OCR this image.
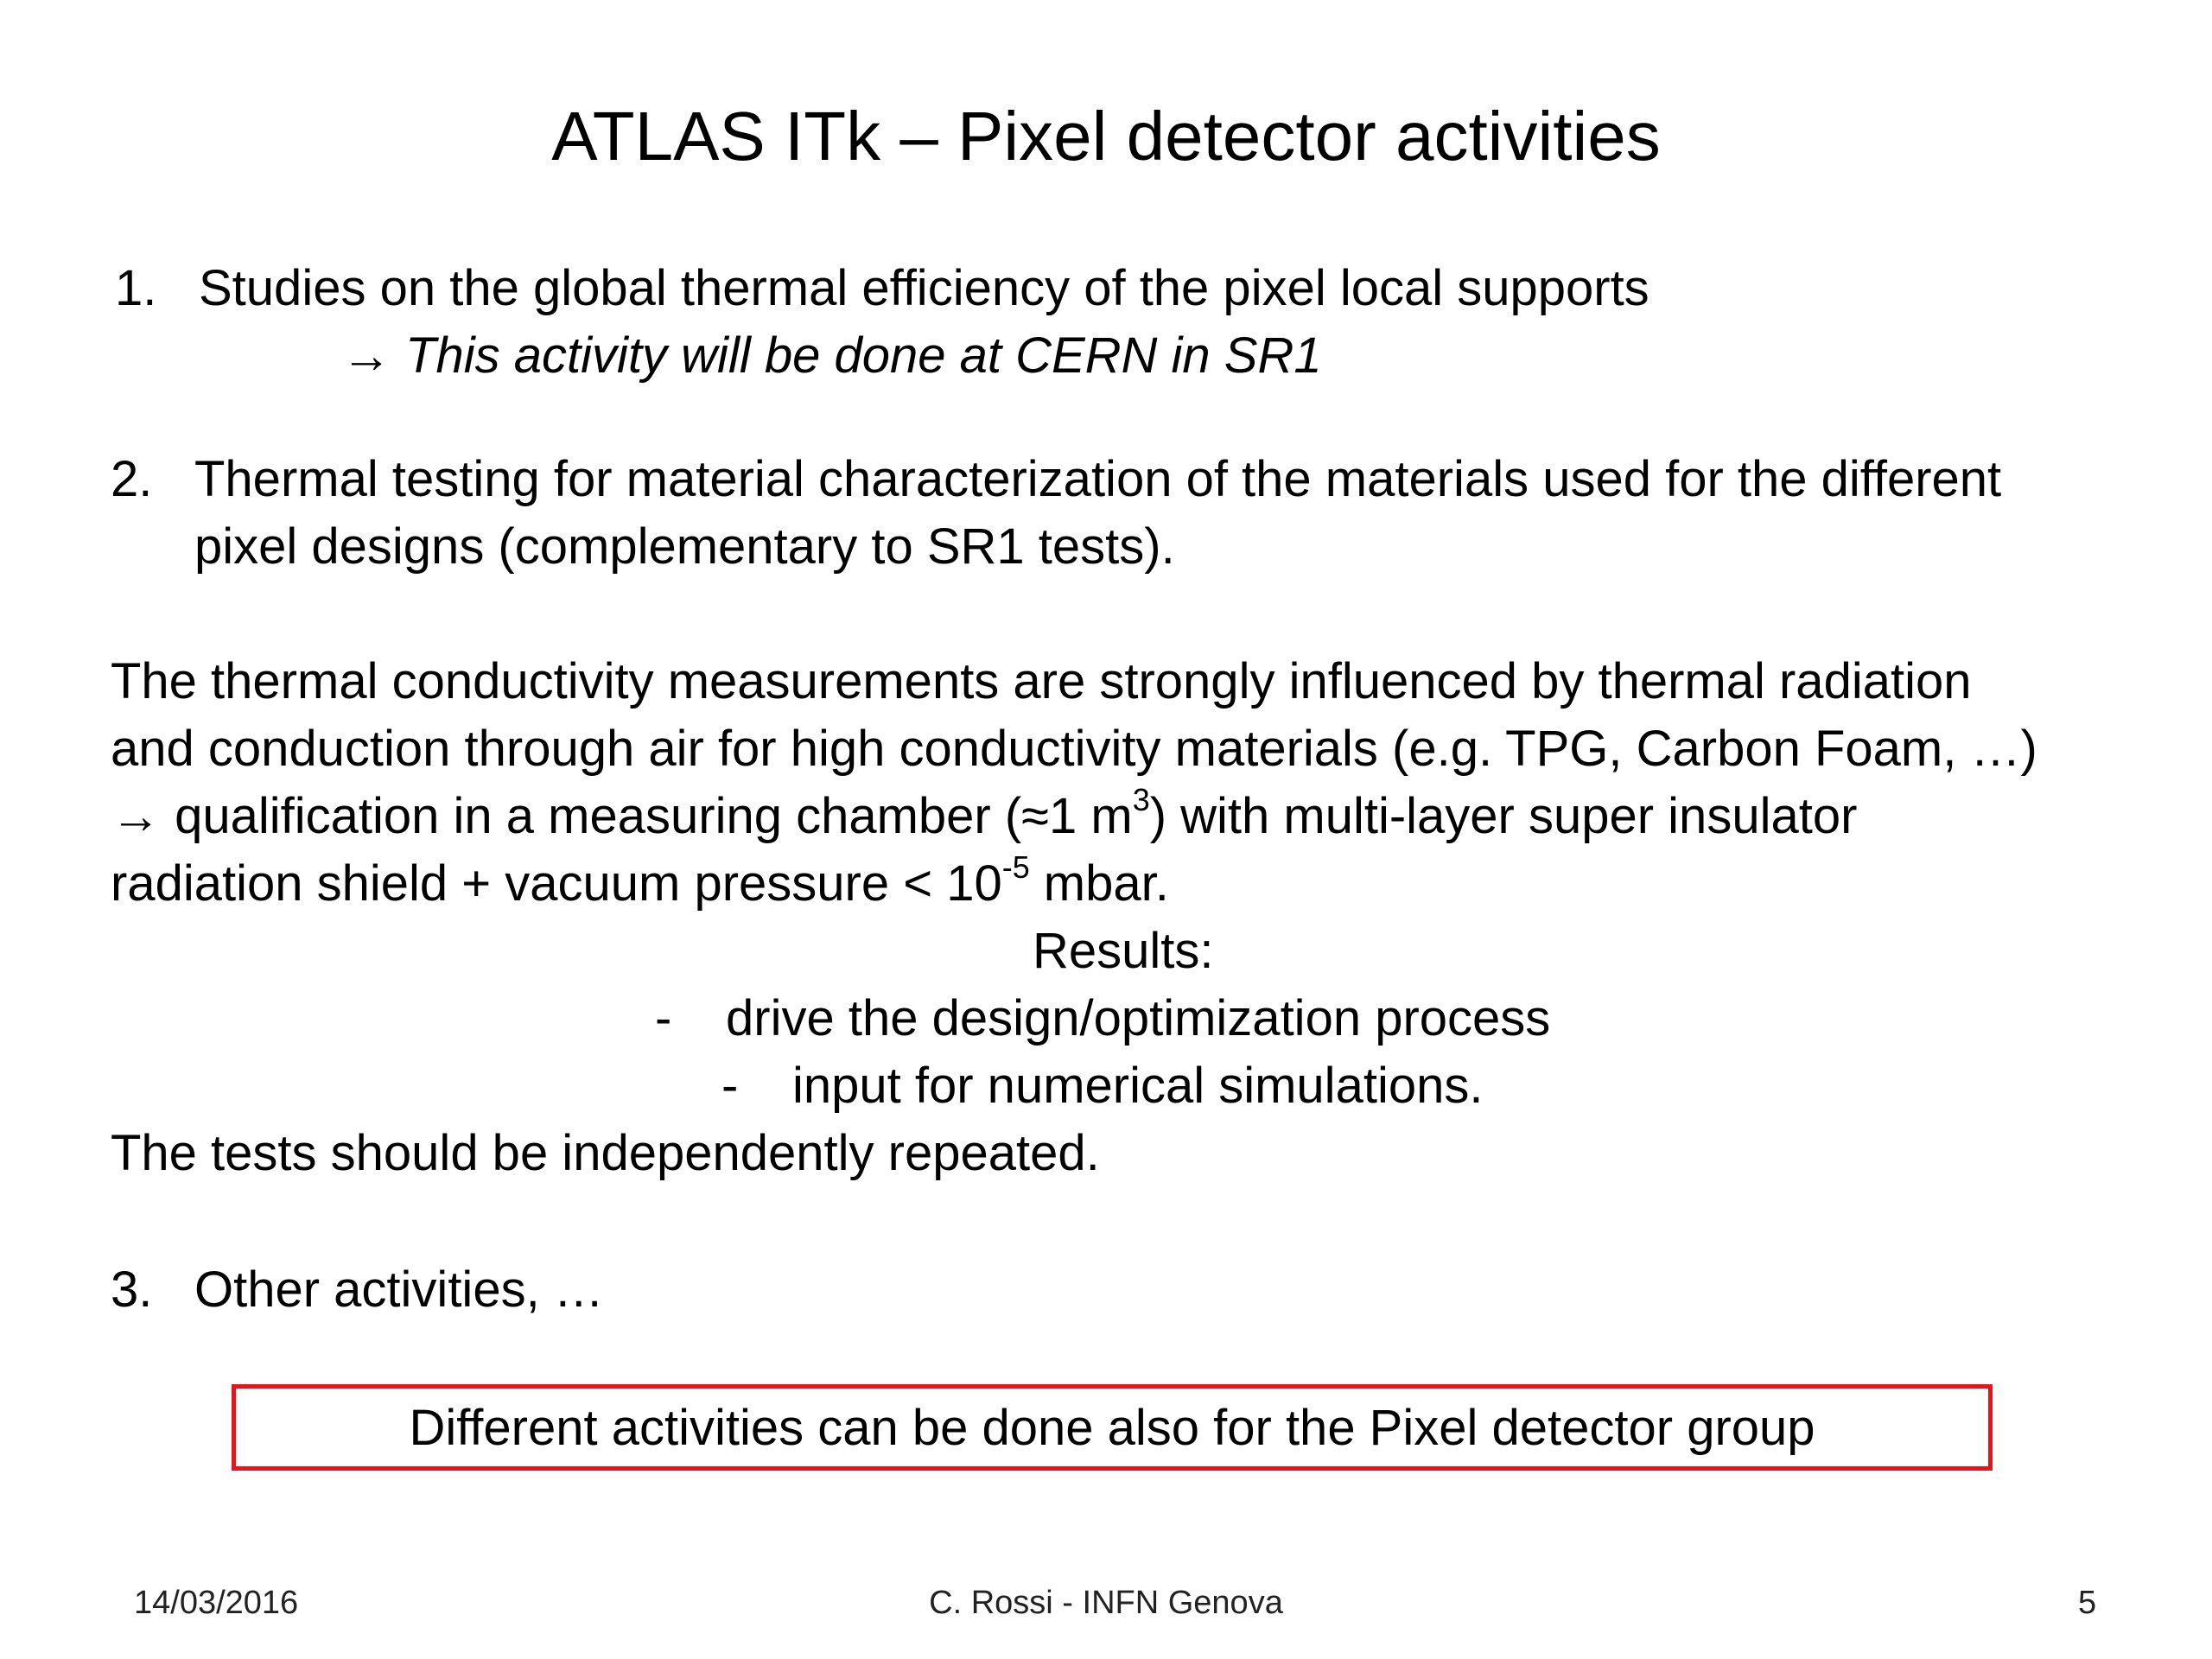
ATLAS ITk – Pixel detector activities
1. Studies on the global thermal efficiency of the pixel local supports
→ This activity will be done at CERN in SR1
2. Thermal testing for material characterization of the materials used for the different
pixel designs (complementary to SR1 tests).
The thermal conductivity measurements are strongly influenced by thermal radiation
and conduction through air for high conductivity materials (e.g. TPG, Carbon Foam, …)
→ qualification in a measuring chamber (≈1 $m^3$) with multi-layer super insulator
radiation shield + vacuum pressure < $10^{-5}$ mbar.
Results:
- drive the design/optimization process
- input for numerical simulations.
The tests should be independently repeated.
3. Other activities, …
Different activities can be done also for the Pixel detector group
14/03/2016	C. Rossi - INFN Genova	5
